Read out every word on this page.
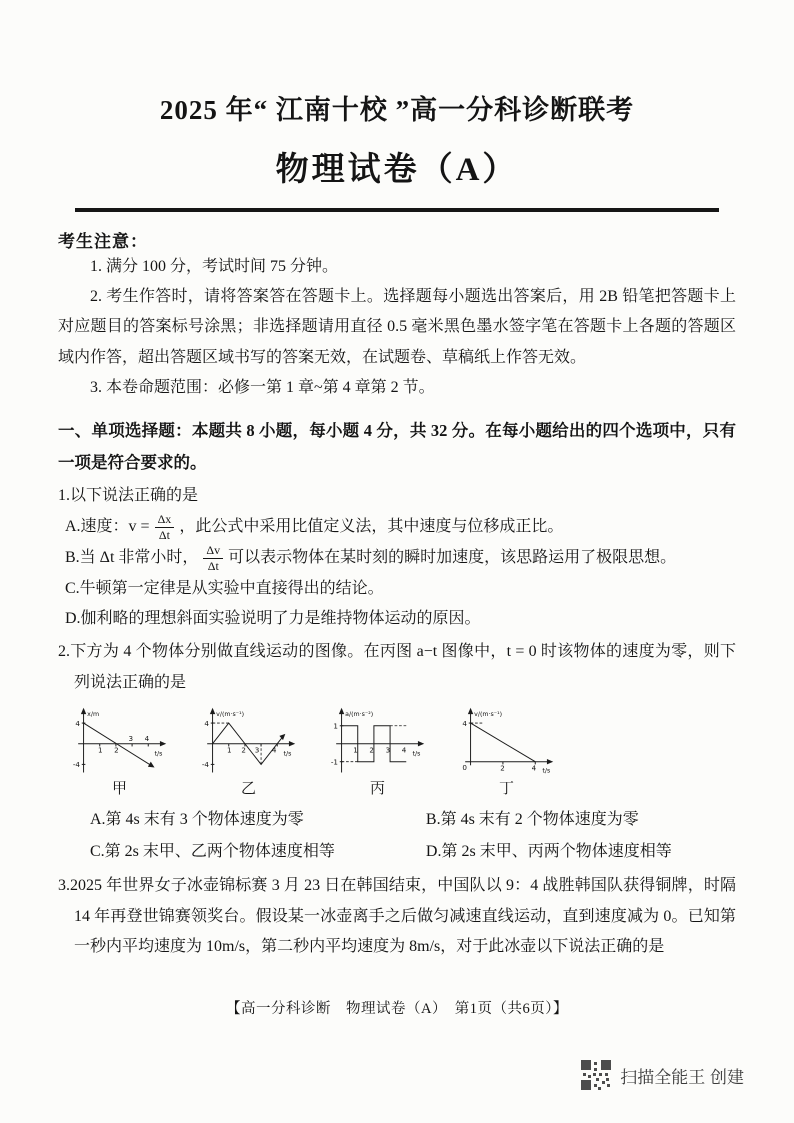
2025 年“ 江南十校 ”高一分科诊断联考
物理试卷（A）
考生注意：
1. 满分 100 分，考试时间 75 分钟。
2. 考生作答时，请将答案答在答题卡上。选择题每小题选出答案后，用 2B 铅笔把答题卡上对应题目的答案标号涂黑；非选择题请用直径 0.5 毫米黑色墨水签字笔在答题卡上各题的答题区域内作答，超出答题区域书写的答案无效，在试题卷、草稿纸上作答无效。
3. 本卷命题范围：必修一第 1 章~第 4 章第 2 节。
一、单项选择题：本题共 8 小题，每小题 4 分，共 32 分。在每小题给出的四个选项中，只有一项是符合要求的。
1.以下说法正确的是
A.速度：$v = \frac{\Delta x}{\Delta t}$ ，此公式中采用比值定义法，其中速度与位移成正比。
B.当 Δt 非常小时， $\frac{\Delta v}{\Delta t}$ 可以表示物体在某时刻的瞬时加速度，该思路运用了极限思想。
C.牛顿第一定律是从实验中直接得出的结论。
D.伽利略的理想斜面实验说明了力是维持物体运动的原因。
2.下方为 4 个物体分别做直线运动的图像。在丙图 a−t 图像中，t = 0 时该物体的速度为零，则下列说法正确的是
x/m
t/s
4
-4
1 2
3 4
甲
v/(m·s⁻¹)
t/s
4
-4
1 2 3 4
乙
a/(m·s⁻²)
t/s
1
-1
1 2 3 4
丙
v/(m·s⁻¹)
t/s
4
0	2	4
丁
A.第 4s 末有 3 个物体速度为零	B.第 4s 末有 2 个物体速度为零
C.第 2s 末甲、乙两个物体速度相等	D.第 2s 末甲、丙两个物体速度相等
3.2025 年世界女子冰壶锦标赛 3 月 23 日在韩国结束，中国队以 9：4 战胜韩国队获得铜牌，时隔 14 年再登世锦赛领奖台。假设某一冰壶离手之后做匀减速直线运动，直到速度减为 0。已知第一秒内平均速度为 10m/s，第二秒内平均速度为 8m/s，对于此冰壶以下说法正确的是
【高一分科诊断　物理试卷（A）　第1页（共6页）】
扫描全能王 创建
